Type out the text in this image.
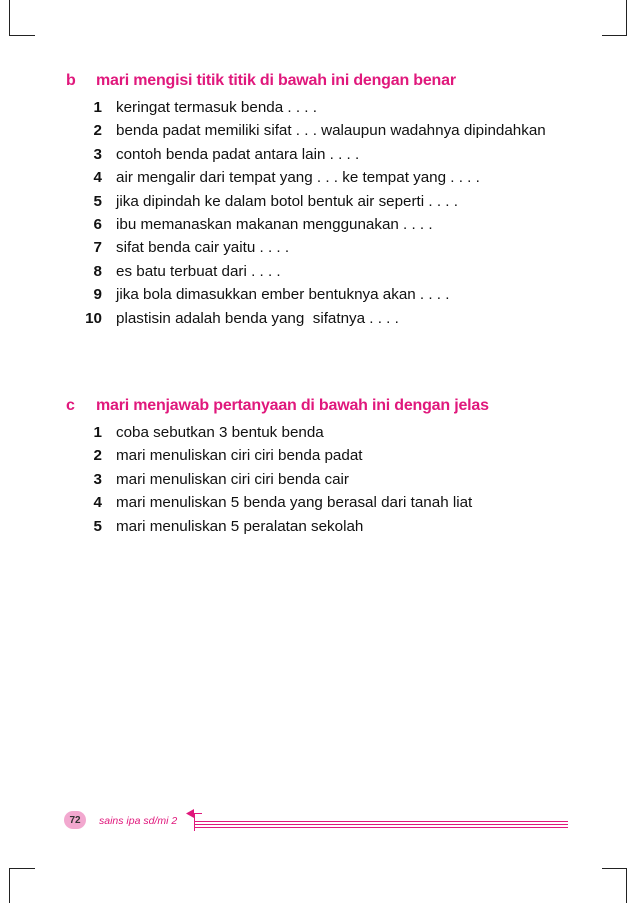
b	mari mengisi titik titik di bawah ini dengan benar
1 keringat termasuk benda . . . .
2 benda padat memiliki sifat . . . walaupun wadahnya dipindahkan
3 contoh benda padat antara lain . . . .
4 air mengalir dari tempat yang . . . ke tempat yang . . . .
5 jika dipindah ke dalam botol bentuk air seperti . . . .
6 ibu memanaskan makanan menggunakan . . . .
7 sifat benda cair yaitu . . . .
8 es batu terbuat dari . . . .
9 jika bola dimasukkan ember bentuknya akan . . . .
10 plastisin adalah benda yang  sifatnya . . . .
c	mari menjawab pertanyaan di bawah ini dengan jelas
1 coba sebutkan 3 bentuk benda
2 mari menuliskan ciri ciri benda padat
3 mari menuliskan ciri ciri benda cair
4 mari menuliskan 5 benda yang berasal dari tanah liat
5 mari menuliskan 5 peralatan sekolah
72	sains ipa sd/mi 2
